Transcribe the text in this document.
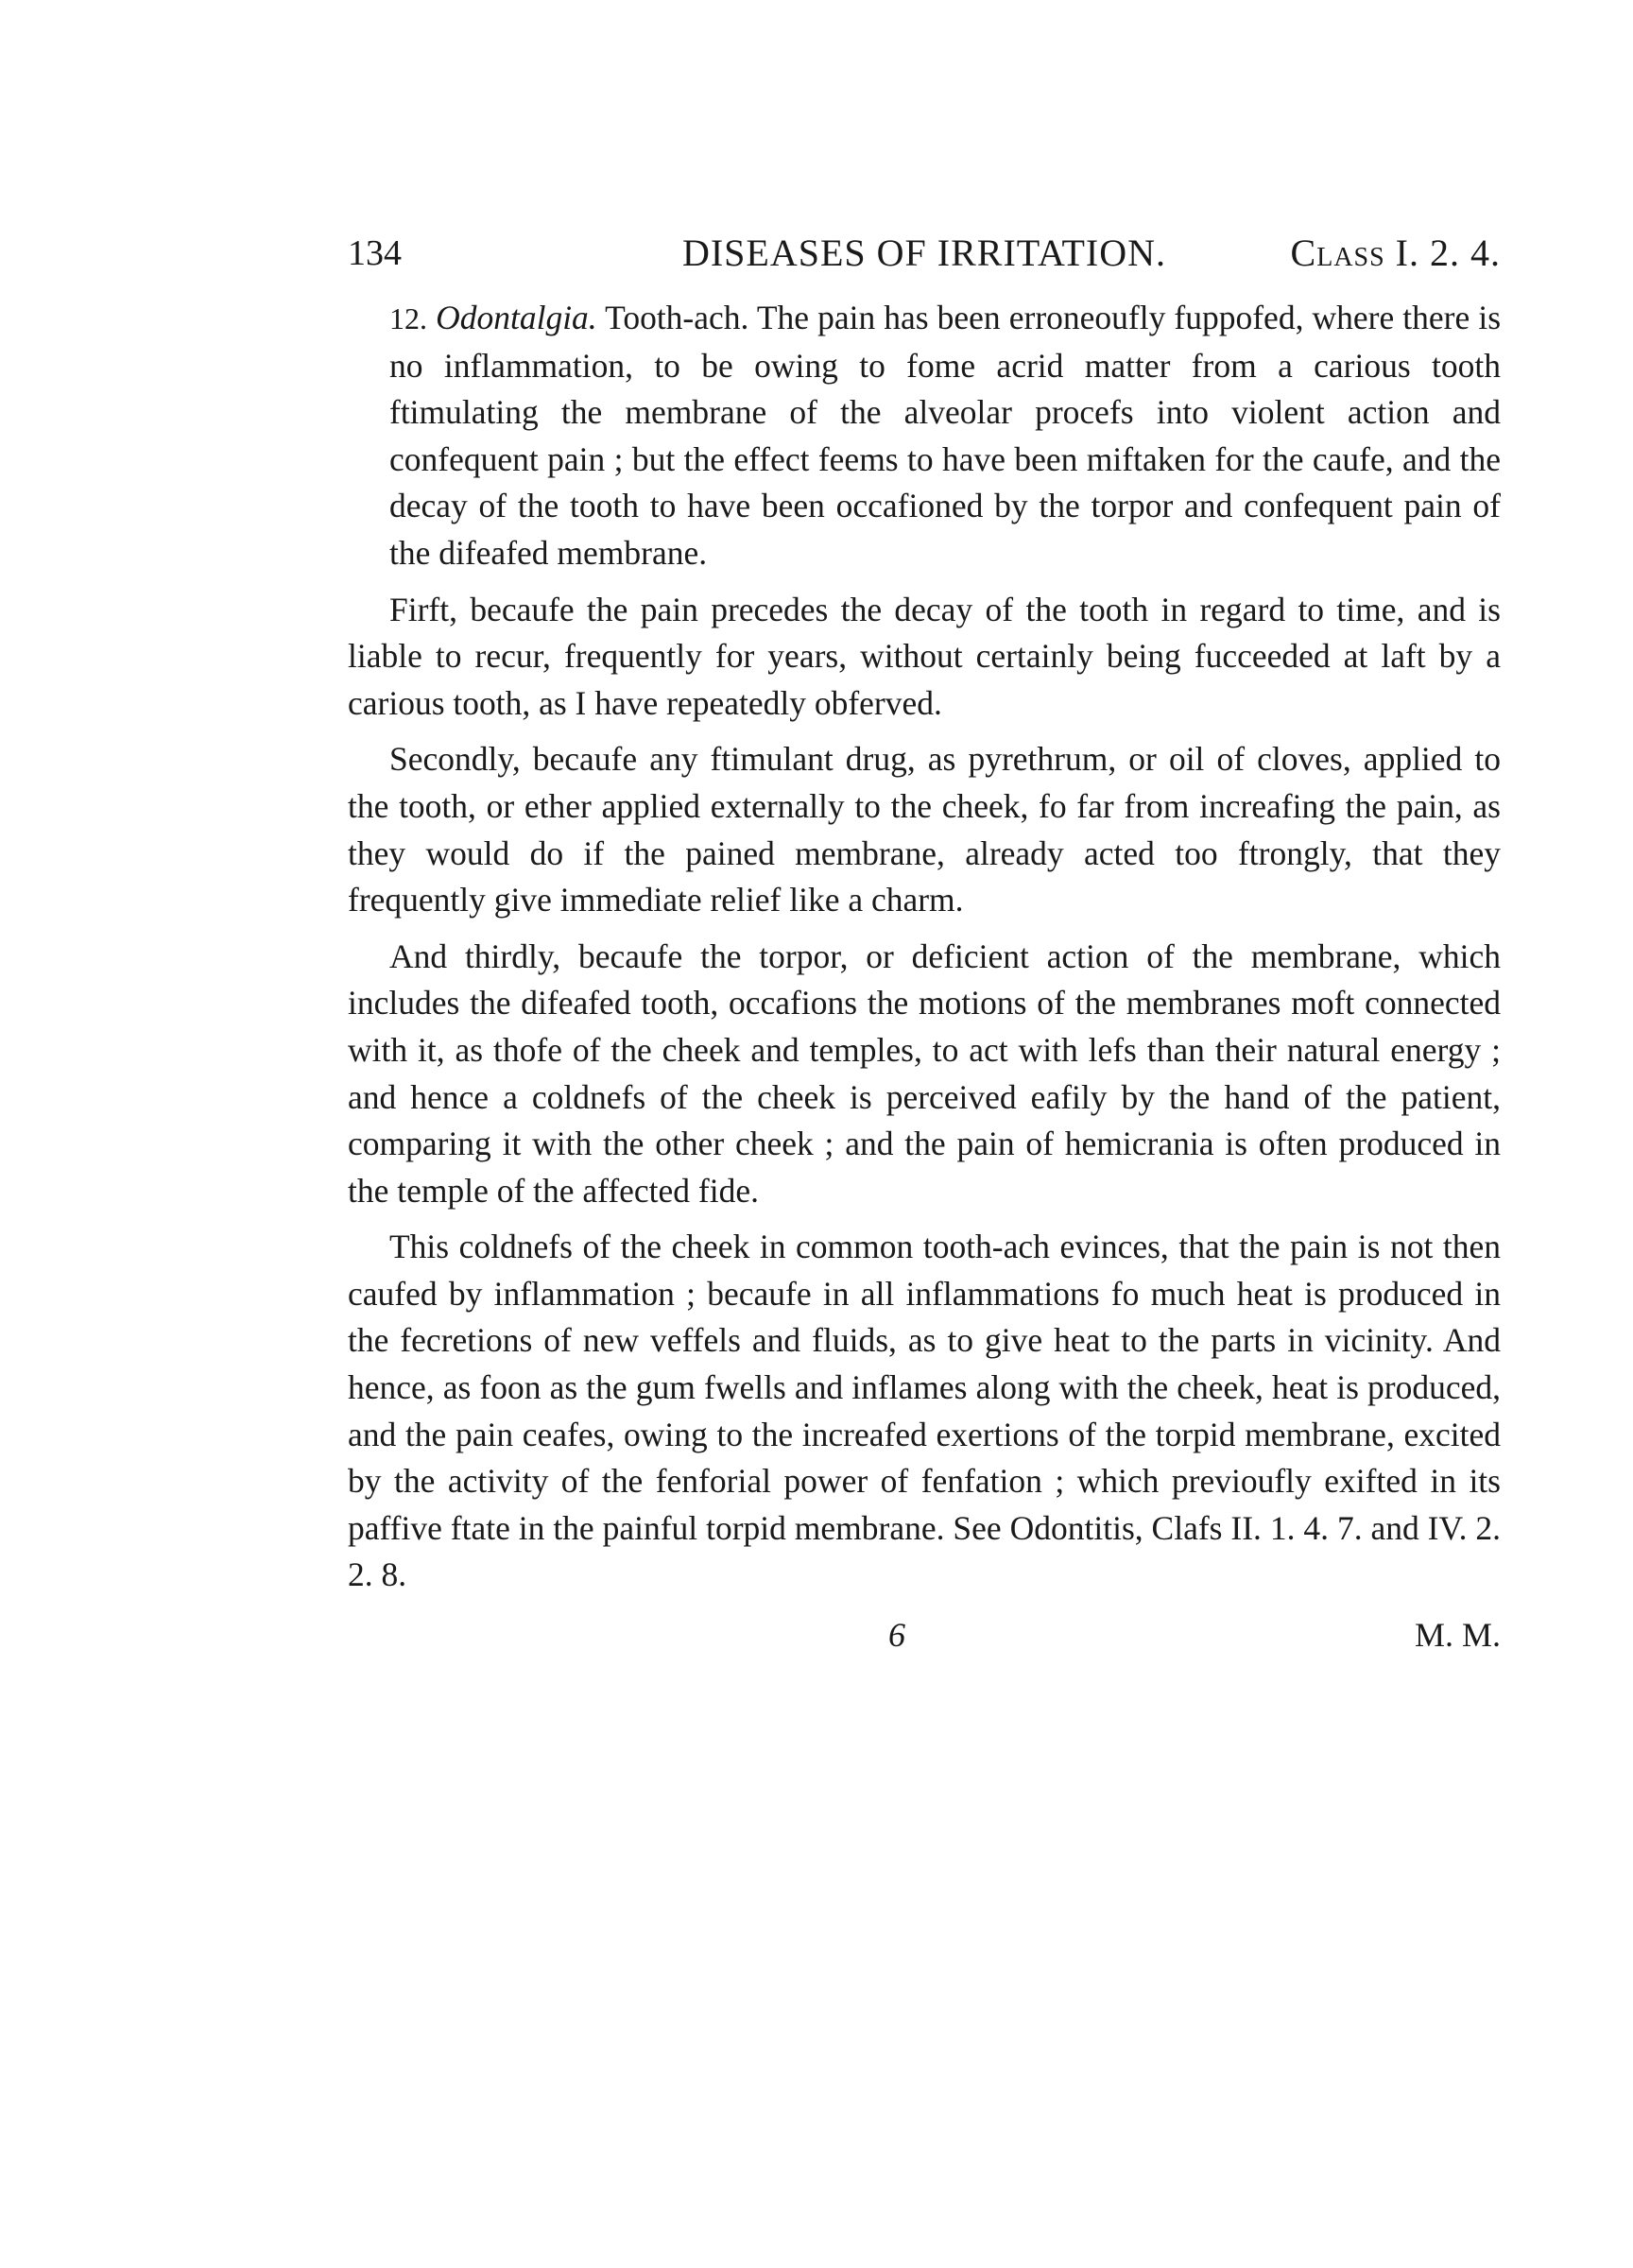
134	DISEASES OF IRRITATION.	Class I. 2. 4.

12. Odontalgia. Tooth-ach. The pain has been erroneoufly fuppofed, where there is no inflammation, to be owing to fome acrid matter from a carious tooth ftimulating the membrane of the alveolar procefs into violent action and confequent pain ; but the effect feems to have been miftaken for the caufe, and the decay of the tooth to have been occafioned by the torpor and confequent pain of the difeafed membrane.

Firft, becaufe the pain precedes the decay of the tooth in regard to time, and is liable to recur, frequently for years, without certainly being fucceeded at laft by a carious tooth, as I have repeatedly obferved.

Secondly, becaufe any ftimulant drug, as pyrethrum, or oil of cloves, applied to the tooth, or ether applied externally to the cheek, fo far from increafing the pain, as they would do if the pained membrane, already acted too ftrongly, that they frequently give immediate relief like a charm.

And thirdly, becaufe the torpor, or deficient action of the membrane, which includes the difeafed tooth, occafions the motions of the membranes moft connected with it, as thofe of the cheek and temples, to act with lefs than their natural energy ; and hence a coldnefs of the cheek is perceived eafily by the hand of the patient, comparing it with the other cheek ; and the pain of hemicrania is often produced in the temple of the affected fide.

This coldnefs of the cheek in common tooth-ach evinces, that the pain is not then caufed by inflammation ; becaufe in all inflammations fo much heat is produced in the fecretions of new veffels and fluids, as to give heat to the parts in vicinity. And hence, as foon as the gum fwells and inflames along with the cheek, heat is produced, and the pain ceafes, owing to the increafed exertions of the torpid membrane, excited by the activity of the fenforial power of fenfation ; which previoufly exifted in its paffive ftate in the painful torpid membrane. See Odontitis, Clafs II. 1. 4. 7. and IV. 2. 2. 8.

6	M. M.
